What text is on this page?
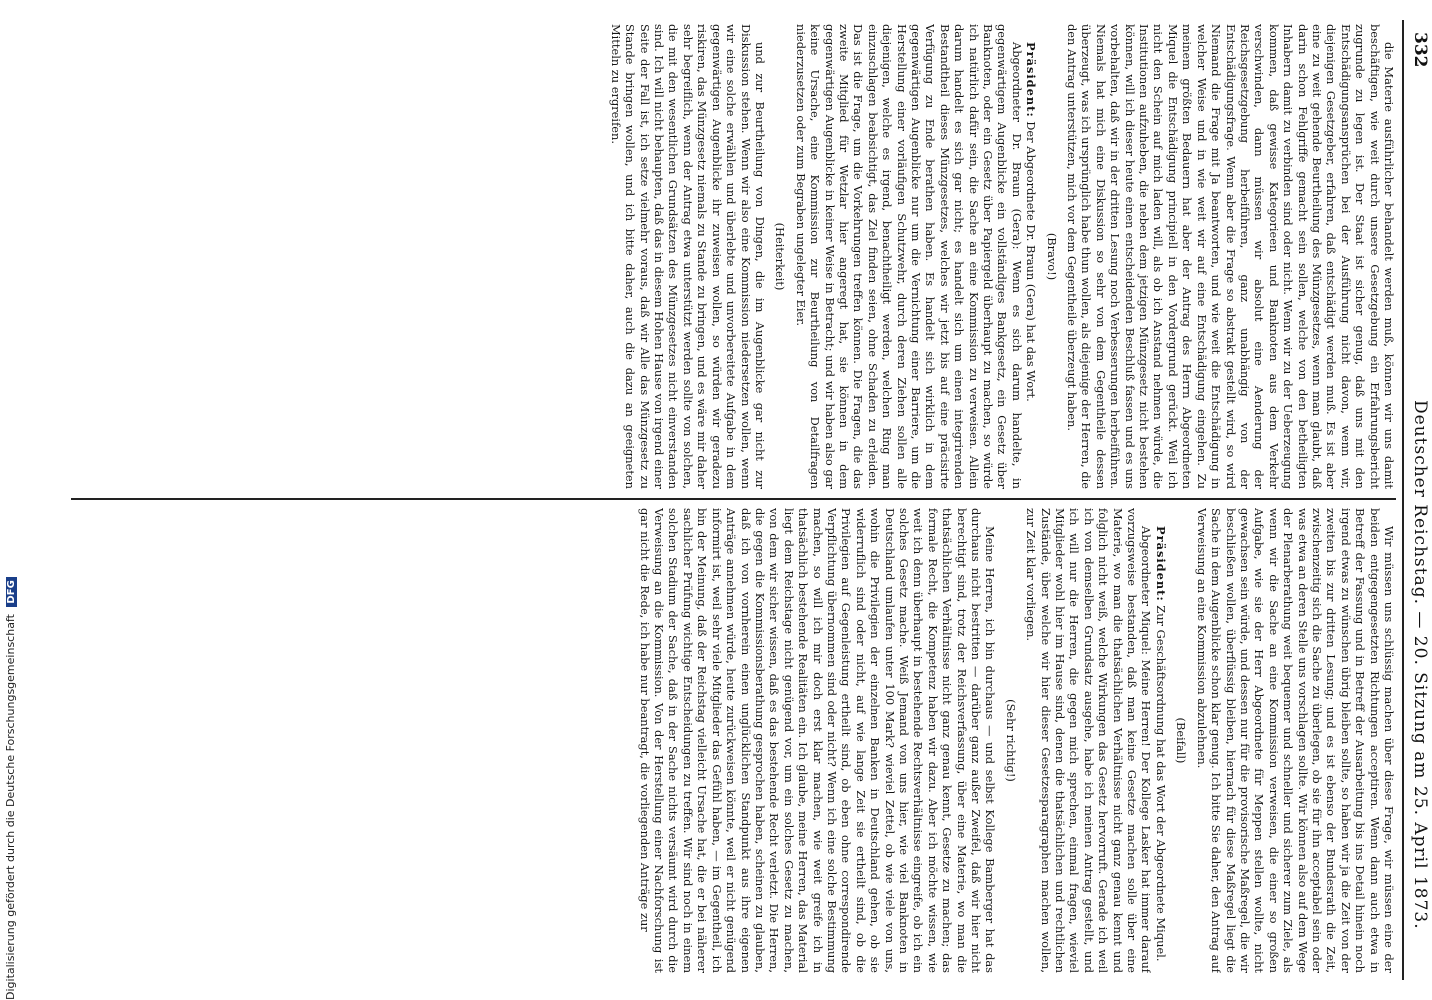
332
Deutscher Reichstag. — 20. Sitzung am 25. April 1873.

die Materie ausführlicher behandelt werden muß, können wir uns damit beschäftigen, wie weit durch unsere Gesetzgebung ein Erfahrungsbericht zugrunde zu legen ist. Der Staat ist sicher genug, daß uns mit den Entschädigungsansprüchen bei der Ausführung nicht davon, wenn wir, diejenigen Gesetzgeber, erfahren, daß entschädigt werden muß. Es ist aber eine zu weit gehende Beurtheilung des Münzgesetzes, wenn man glaubt, daß darin schon Fehlgriffe gemacht sein sollen, welche von den betheiligten Inhabern damit zu verbinden sind oder nicht. Wenn wir zu der Ueberzeugung kommen, daß gewisse Kategorieen und Banknoten aus dem Verkehr verschwinden, dann müssen wir absolut eine Aenderung der Reichsgesetzgebung herbeiführen, ganz unabhängig von der Entschädigungsfrage. Wenn aber die Frage so abstrakt gestellt wird, so wird Niemand die Frage mit Ja beantworten, und wie weit die Entschädigung in welcher Weise und in wie weit wir auf eine Entschädigung eingehen. Zu meinem größten Bedauern hat aber der Antrag des Herrn Abgeordneten Miquel die Entschädigung principiell in den Vordergrund gerückt. Weil ich nicht den Schein auf mich laden will, als ob ich Anstand nehmen würde, die Institutionen aufzuheben, die neben dem jetzigen Münzgesetz nicht bestehen können, will ich dieser heute einen entscheidenden Beschluß fassen und es uns vorbehalten, daß wir in der dritten Lesung noch Verbesserungen herbeiführen. Niemals hat mich eine Diskussion so sehr von dem Gegentheile dessen überzeugt, was ich ursprünglich habe thun wollen, als diejenige der Herren, die den Antrag unterstützen, mich vor dem Gegentheile überzeugt haben.

(Bravo!)

Präsident: Der Abgeordnete Dr. Braun (Gera) hat das Wort.

Abgeordneter Dr. Braun (Gera): Wenn es sich darum handelte, in gegenwärtigem Augenblicke ein vollständiges Bankgesetz, ein Gesetz über Banknoten, oder ein Gesetz über Papiergeld überhaupt zu machen, so würde ich natürlich dafür sein, die Sache an eine Kommission zu verweisen. Allein darum handelt es sich gar nicht; es handelt sich um einen integrirenden Bestandtheil dieses Münzgesetzes, welches wir jetzt bis auf eine präcisirte Verfügung zu Ende berathen haben. Es handelt sich wirklich in dem gegenwärtigen Augenblicke nur um die Vernichtung einer Barriere, um die Herstellung einer vorläufigen Schutzwehr, durch deren Ziehen sollen alle diejenigen, welche es irgend, benachtheiligt werden, welchen Ring man einzuschlagen beabsichtigt, das Ziel finden seien, ohne Schaden zu erleiden. Das ist die Frage, um die Vorkehrungen treffen können. Die Fragen, die das zweite Mitglied für Wetzlar hier angeregt hat, sie können in dem gegenwärtigen Augenblicke in keiner Weise in Betracht; und wir haben also gar keine Ursache, eine Kommission zur Beurtheilung von Detailfragen niederzusetzen oder zum Begraben ungelegter Eier.

(Heiterkeit)

und zur Beurtheilung von Dingen, die im Augenblicke gar nicht zur Diskussion stehen. Wenn wir also eine Kommission niedersetzen wollen, wenn wir eine solche erwählen und überlebte und unvorbereitete Aufgabe in dem gegenwärtigen Augenblicke ihr zuweisen wollen, so würden wir geradezu riskiren, das Münzgesetz niemals zu Stande zu bringen, und es wäre mir daher sehr begreiflich, wenn der Antrag etwa unterstützt werden sollte von solchen, die mit den wesentlichen Grundsätzen des Münzgesetzes nicht einverstanden sind. Ich will nicht behaupten, daß das in diesem Hohen Hause von irgend einer Seite der Fall ist, ich setze vielmehr voraus, daß wir Alle das Münzgesetz zu Stande bringen wollen, und ich bitte daher, auch die dazu an geeigneten Mitteln zu ergreifen.

Wir müssen uns schlüssig machen über diese Frage, wir müssen eine der beiden entgegengesetzten Richtungen acceptiren. Wenn dann auch etwa in Betreff der Fassung und in Betreff der Ausarbeitung bis ins Detail hinein noch irgend etwas zu wünschen übrig bleiben sollte, so haben wir ja die Zeit von der zweiten bis zur dritten Lesung; und es ist ebenso der Bundesrath die Zeit, zwischenzeitig sich die Sache zu überlegen, ob sie für ihn acceptabel sein oder was etwa an deren Stelle uns vorschlagen sollte. Wir können also auf dem Wege der Plenarberathung weit bequemer und schneller und sicherer zum Ziele, als wenn wir die Sache an eine Kommission verweisen, die einer so großen Aufgabe, wie sie der Herr Abgeordnete für Meppen stellen wollte, nicht gewachsen sein würde, und dessen nur für die provisorische Maßregel, die wir beschließen wollen, überflüssig bleiben, hiernach für diese Maßregel liegt die Sache in dem Augenblicke schon klar genug. Ich bitte Sie daher, den Antrag auf Verweisung an eine Kommission abzulehnen.

(Beifall)

Präsident: Zur Geschäftsordnung hat das Wort der Abgeordnete Miquel.

Abgeordneter Miquel: Meine Herren! Der Kollege Lasker hat immer darauf vorzugsweise bestanden, daß man keine Gesetze machen solle über eine Materie, wo man die thatsächlichen Verhältnisse nicht ganz genau kennt und folglich nicht weiß, welche Wirkungen das Gesetz hervorruft. Gerade ich weil ich von demselben Grundsatz ausgehe, habe ich meinen Antrag gestellt, und ich will nur die Herren, die gegen mich sprechen, einmal fragen, wieviel Mitglieder wohl hier im Hause sind, denen die thatsächlichen und rechtlichen Zustände, über welche wir hier dieser Gesetzesparagraphen machen wollen, zur Zeit klar vorliegen.

(Sehr richtig!)

Meine Herren, ich bin durchaus — und selbst Kollege Bamberger hat das durchaus nicht bestritten — darüber ganz außer Zweifel, daß wir hier nicht berechtigt sind, trotz der Reichsverfassung, über eine Materie, wo man die thatsächlichen Verhältnisse nicht ganz genau kennt, Gesetze zu machen; das formale Recht, die Kompetenz haben wir dazu. Aber ich möchte wissen, wie weit ich denn überhaupt in bestehende Rechtsverhältnisse eingreife, ob ich ein solches Gesetz mache. Weiß Jemand von uns hier, wie viel Banknoten in Deutschland umlaufen unter 100 Mark? wieviel Zettel, ob wie viele von uns, wohin die Privilegien der einzelnen Banken in Deutschland gehen, ob sie widerruflich sind oder nicht, auf wie lange Zeit sie ertheilt sind, ob die Privilegien auf Gegenleistung ertheilt sind, ob eben ohne correspondirende Verpflichtung übernommen sind oder nicht? Wenn ich eine solche Bestimmung machen, so will ich mir doch erst klar machen, wie weit greife ich in thatsächlich bestehende Realitäten ein. Ich glaube, meine Herren, das Material liegt dem Reichstage nicht genügend vor, um ein solches Gesetz zu machen, von dem wir sicher wissen, daß es das bestehende Recht verletzt. Die Herren, die gegen die Kommissionsberathung gesprochen haben, scheinen zu glauben, daß ich von vornherein einen unglücklichen Standpunkt aus ihre eigenen Anträge annehmen würde, heute zurückweisen könnte, weil er nicht genügend informirt ist, weil sehr viele Mitglieder das Gefühl haben, — im Gegentheil, ich bin der Meinung, daß der Reichstag vielleicht Ursache hat, die er bei näherer sachlicher Prüfung wichtige Entscheidungen zu treffen. Wir sind noch in einem solchen Stadium der Sache, daß in der Sache nichts versäumt wird durch die Verweisung an die Kommission. Von der Herstellung einer Nachforschung ist gar nicht die Rede, ich habe nur beantragt, die vorliegenden Anträge zur

Digitalisierung gefördert durch die Deutsche Forschungsgemeinschaft DFG
